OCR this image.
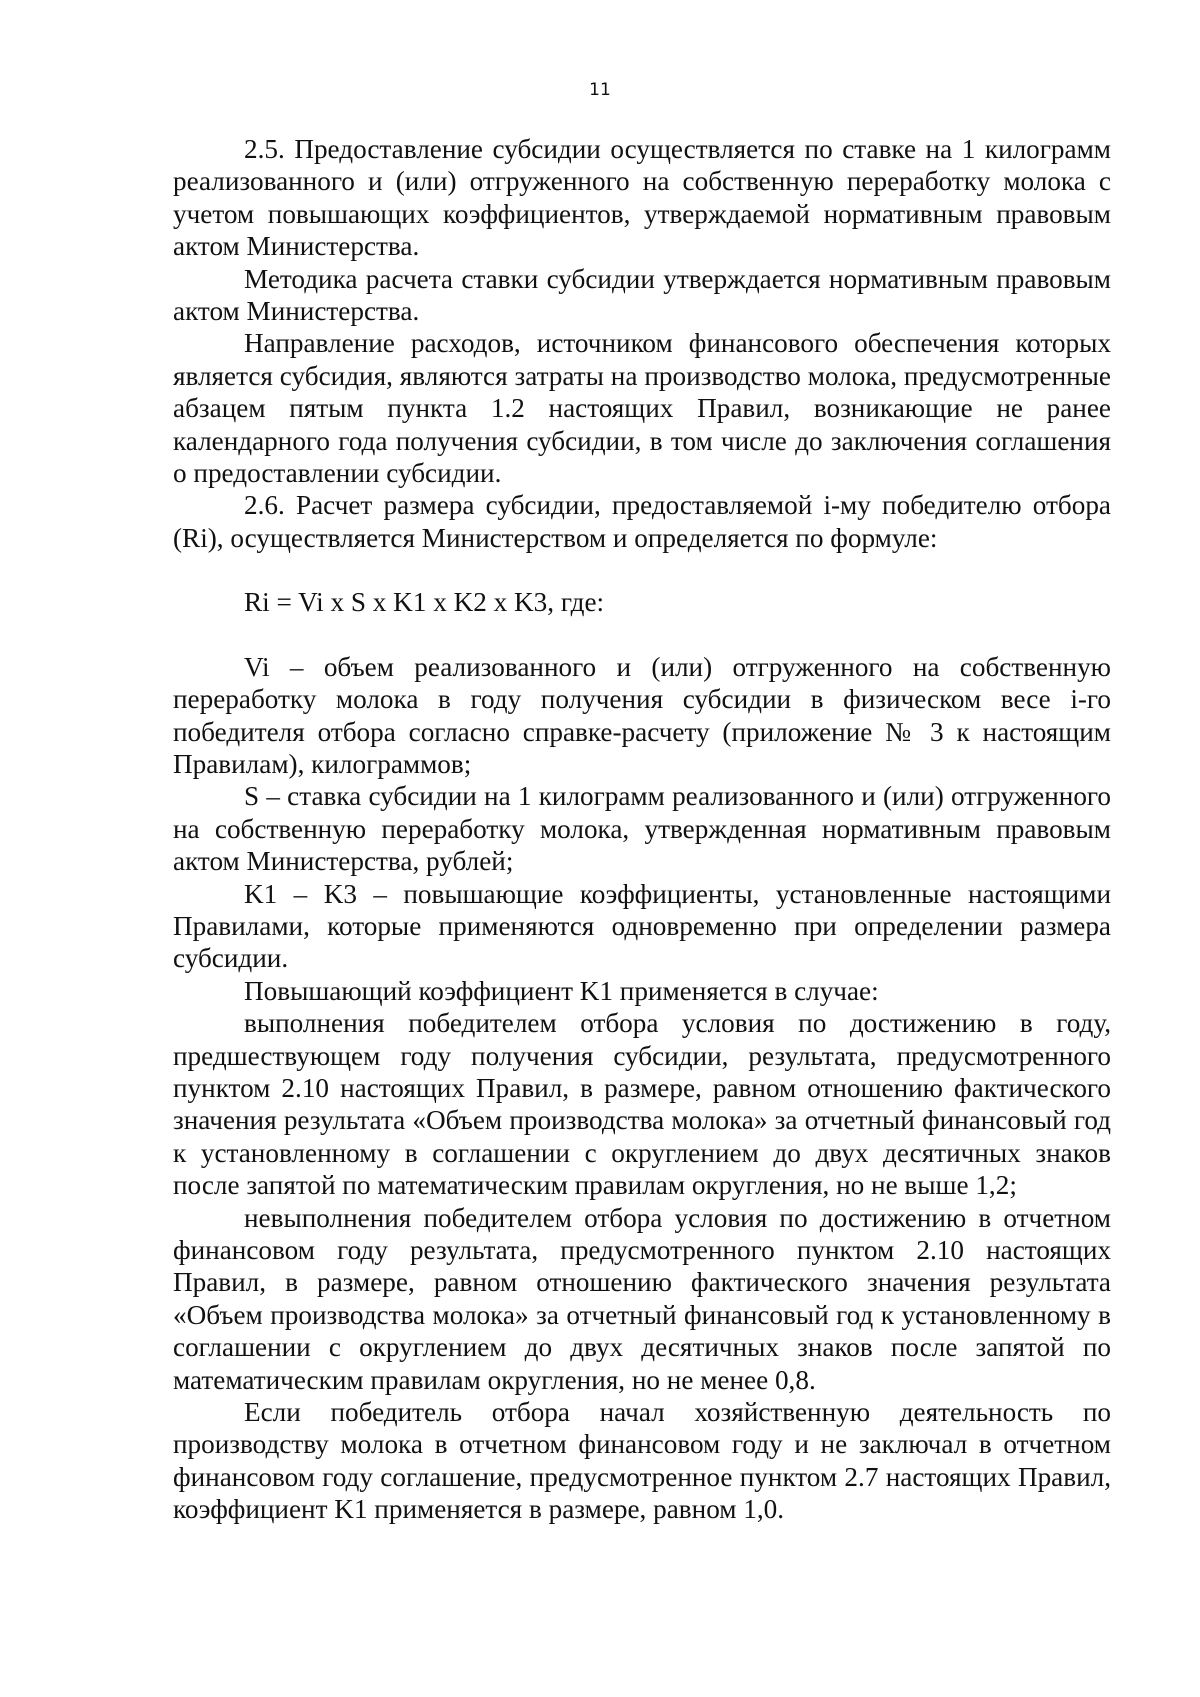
11

2.5. Предоставление субсидии осуществляется по ставке на 1 килограмм реализованного и (или) отгруженного на собственную переработку молока с учетом повышающих коэффициентов, утверждаемой нормативным правовым актом Министерства.

Методика расчета ставки субсидии утверждается нормативным правовым актом Министерства.

Направление расходов, источником финансового обеспечения которых является субсидия, являются затраты на производство молока, предусмотренные абзацем пятым пункта 1.2 настоящих Правил, возникающие не ранее календарного года получения субсидии, в том числе до заключения соглашения о предоставлении субсидии.

2.6. Расчет размера субсидии, предоставляемой i-му победителю отбора (Ri), осуществляется Министерством и определяется по формуле:

Ri = Vi x S x K1 x K2 x K3, где:

Vi – объем реализованного и (или) отгруженного на собственную переработку молока в году получения субсидии в физическом весе i-го победителя отбора согласно справке-расчету (приложение № 3 к настоящим Правилам), килограммов;

S – ставка субсидии на 1 килограмм реализованного и (или) отгруженного на собственную переработку молока, утвержденная нормативным правовым актом Министерства, рублей;

K1 – K3 – повышающие коэффициенты, установленные настоящими Правилами, которые применяются одновременно при определении размера субсидии.

Повышающий коэффициент K1 применяется в случае:

выполнения победителем отбора условия по достижению в году, предшествующем году получения субсидии, результата, предусмотренного пунктом 2.10 настоящих Правил, в размере, равном отношению фактического значения результата «Объем производства молока» за отчетный финансовый год к установленному в соглашении с округлением до двух десятичных знаков после запятой по математическим правилам округления, но не выше 1,2;

невыполнения победителем отбора условия по достижению в отчетном финансовом году результата, предусмотренного пунктом 2.10 настоящих Правил, в размере, равном отношению фактического значения результата «Объем производства молока» за отчетный финансовый год к установленному в соглашении с округлением до двух десятичных знаков после запятой по математическим правилам округления, но не менее 0,8.

Если победитель отбора начал хозяйственную деятельность по производству молока в отчетном финансовом году и не заключал в отчетном финансовом году соглашение, предусмотренное пунктом 2.7 настоящих Правил, коэффициент K1 применяется в размере, равном 1,0.
